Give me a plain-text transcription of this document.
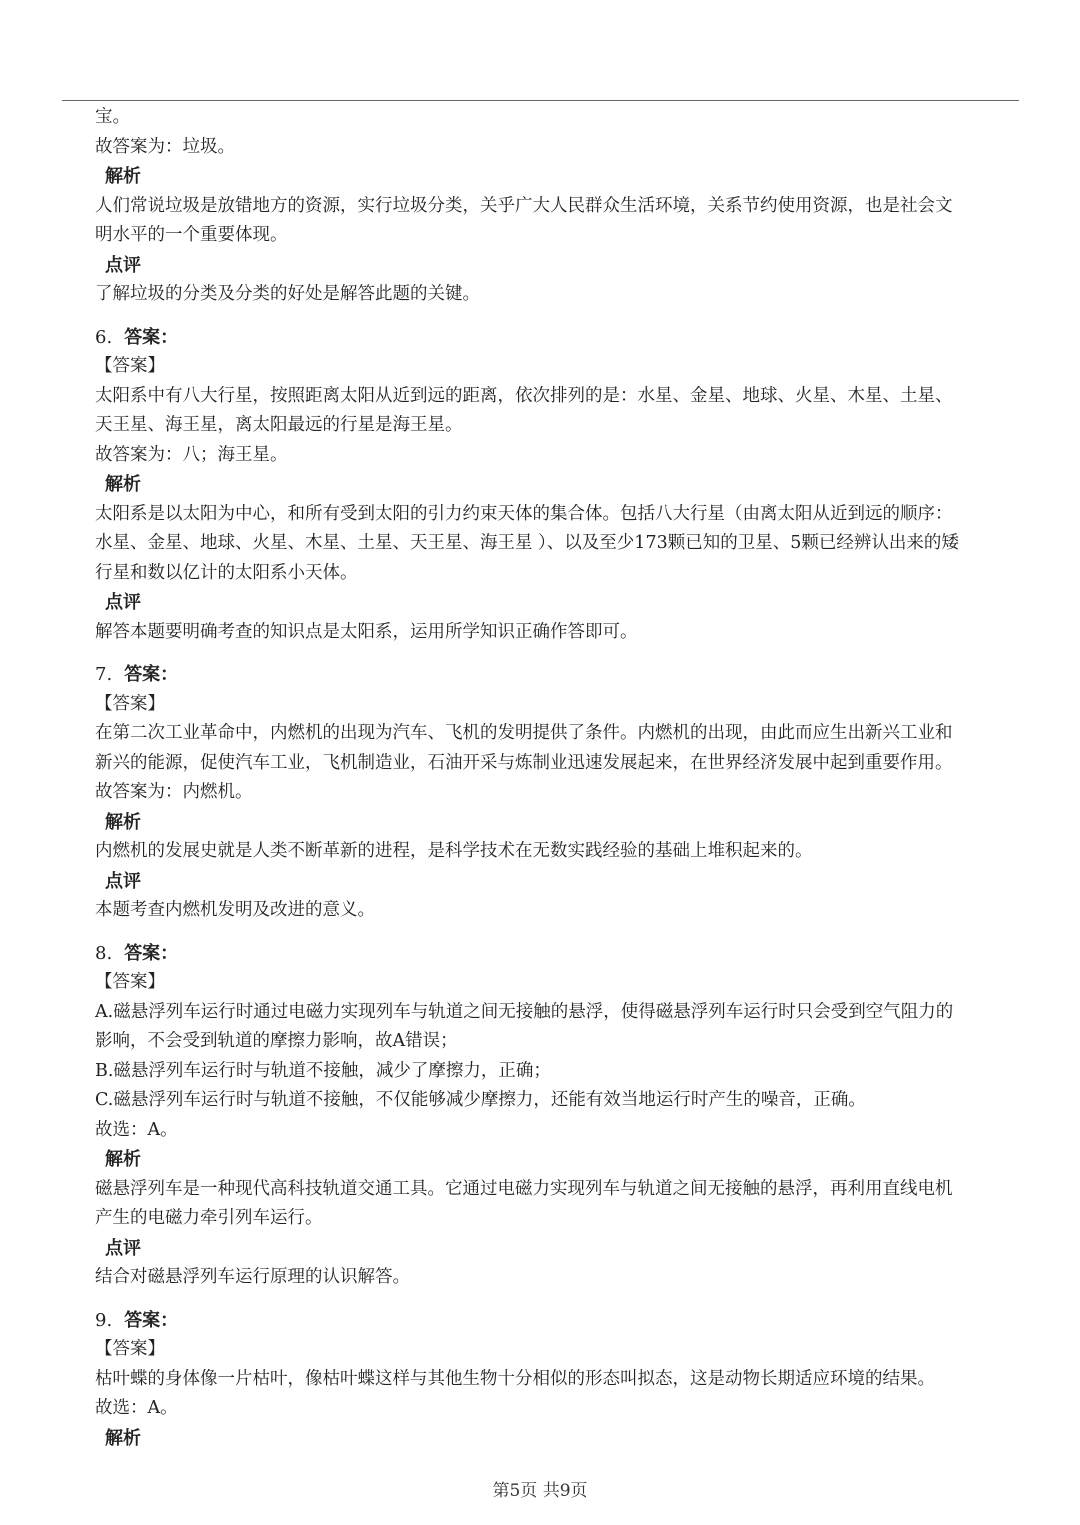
宝。
故答案为：垃圾。
解析
人们常说垃圾是放错地方的资源，实行垃圾分类，关乎广大人民群众生活环境，关系节约使用资源，也是社会文
明水平的一个重要体现。
点评
了解垃圾的分类及分类的好处是解答此题的关键。
6. 答案：
【答案】
太阳系中有八大行星，按照距离太阳从近到远的距离，依次排列的是：水星、金星、地球、火星、木星、土星、
天王星、海王星，离太阳最远的行星是海王星。
故答案为：八；海王星。
解析
太阳系是以太阳为中心，和所有受到太阳的引力约束天体的集合体。包括八大行星（由离太阳从近到远的顺序：
水星、金星、地球、火星、木星、土星、天王星、海王星 ）、以及至少173颗已知的卫星、5颗已经辨认出来的矮
行星和数以亿计的太阳系小天体。
点评
解答本题要明确考查的知识点是太阳系，运用所学知识正确作答即可。
7. 答案：
【答案】
在第二次工业革命中，内燃机的出现为汽车、飞机的发明提供了条件。内燃机的出现，由此而应生出新兴工业和
新兴的能源，促使汽车工业，飞机制造业，石油开采与炼制业迅速发展起来，在世界经济发展中起到重要作用。
故答案为：内燃机。
解析
内燃机的发展史就是人类不断革新的进程，是科学技术在无数实践经验的基础上堆积起来的。
点评
本题考查内燃机发明及改进的意义。
8. 答案：
【答案】
A.磁悬浮列车运行时通过电磁力实现列车与轨道之间无接触的悬浮，使得磁悬浮列车运行时只会受到空气阻力的
影响，不会受到轨道的摩擦力影响，故A错误；
B.磁悬浮列车运行时与轨道不接触，减少了摩擦力，正确；
C.磁悬浮列车运行时与轨道不接触，不仅能够减少摩擦力，还能有效当地运行时产生的噪音，正确。
故选：A。
解析
磁悬浮列车是一种现代高科技轨道交通工具。它通过电磁力实现列车与轨道之间无接触的悬浮，再利用直线电机
产生的电磁力牵引列车运行。
点评
结合对磁悬浮列车运行原理的认识解答。
9. 答案：
【答案】
枯叶蝶的身体像一片枯叶，像枯叶蝶这样与其他生物十分相似的形态叫拟态，这是动物长期适应环境的结果。
故选：A。
解析
第5页 共9页
